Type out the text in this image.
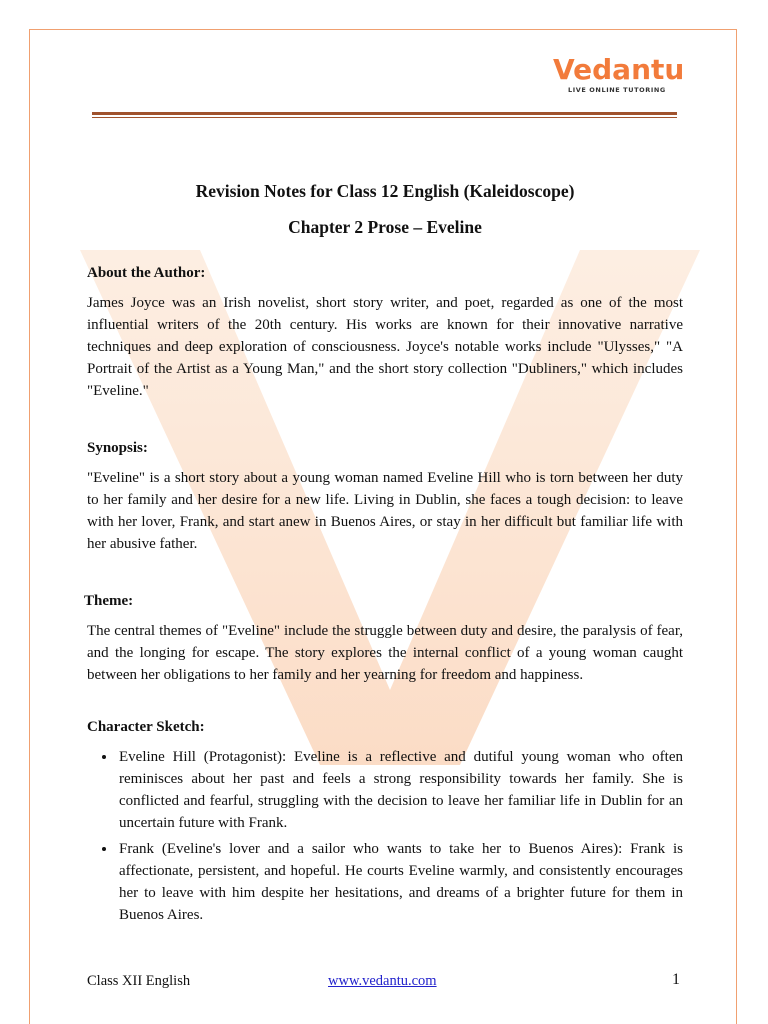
Vedantu
LIVE ONLINE TUTORING

Revision Notes for Class 12 English (Kaleidoscope)

Chapter 2 Prose – Eveline

About the Author:

James Joyce was an Irish novelist, short story writer, and poet, regarded as one of the most influential writers of the 20th century. His works are known for their innovative narrative techniques and deep exploration of consciousness. Joyce's notable works include "Ulysses," "A Portrait of the Artist as a Young Man," and the short story collection "Dubliners," which includes "Eveline."

Synopsis:

"Eveline" is a short story about a young woman named Eveline Hill who is torn between her duty to her family and her desire for a new life. Living in Dublin, she faces a tough decision: to leave with her lover, Frank, and start anew in Buenos Aires, or stay in her difficult but familiar life with her abusive father.

Theme:

The central themes of "Eveline" include the struggle between duty and desire, the paralysis of fear, and the longing for escape. The story explores the internal conflict of a young woman caught between her obligations to her family and her yearning for freedom and happiness.

Character Sketch:

• Eveline Hill (Protagonist): Eveline is a reflective and dutiful young woman who often reminisces about her past and feels a strong responsibility towards her family. She is conflicted and fearful, struggling with the decision to leave her familiar life in Dublin for an uncertain future with Frank.
• Frank (Eveline's lover and a sailor who wants to take her to Buenos Aires): Frank is affectionate, persistent, and hopeful. He courts Eveline warmly, and consistently encourages her to leave with him despite her hesitations, and dreams of a brighter future for them in Buenos Aires.
Class XII English	www.vedantu.com	1
